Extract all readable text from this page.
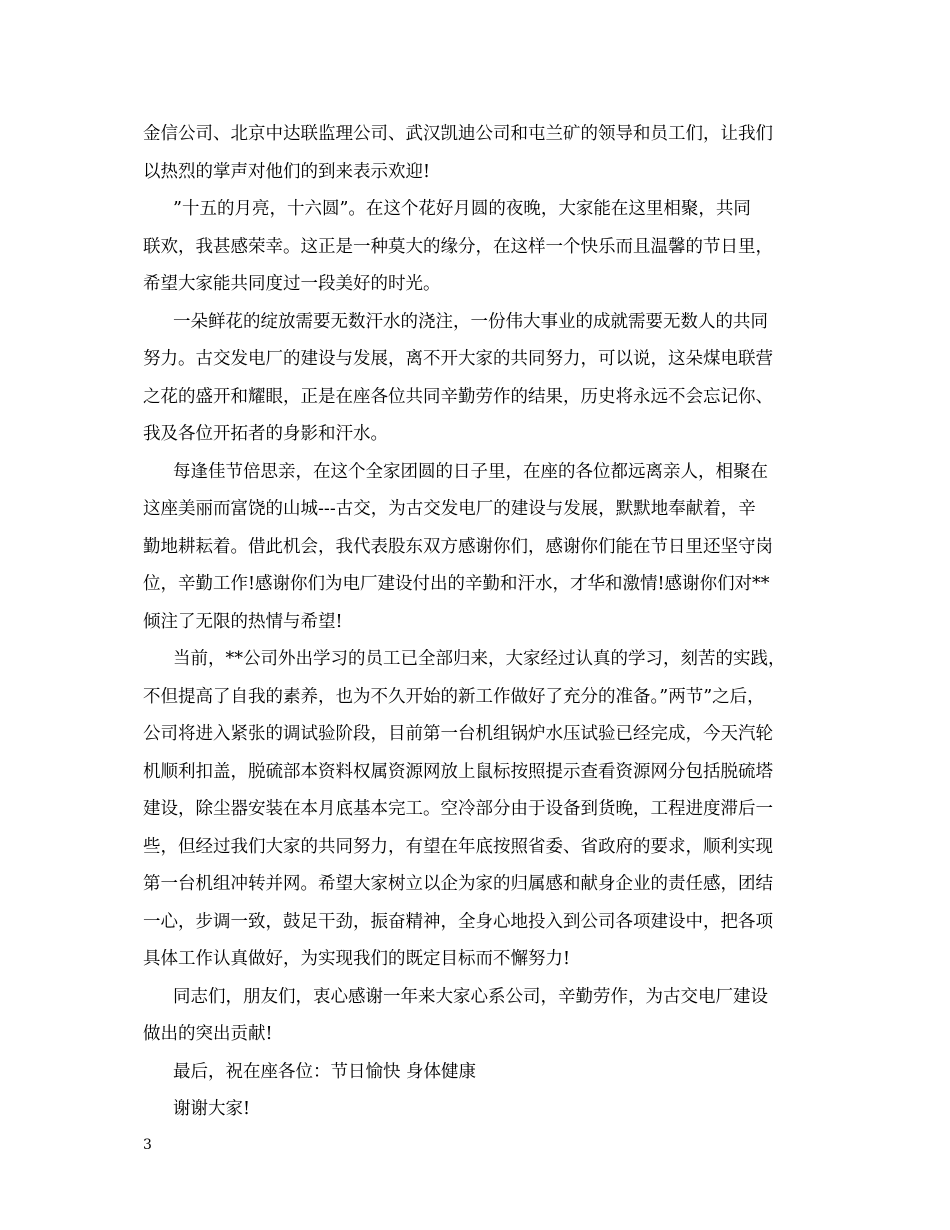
金信公司、北京中达联监理公司、武汉凯迪公司和屯兰矿的领导和员工们，让我们
以热烈的掌声对他们的到来表示欢迎!
”十五的月亮，十六圆”。在这个花好月圆的夜晚，大家能在这里相聚，共同
联欢，我甚感荣幸。这正是一种莫大的缘分，在这样一个快乐而且温馨的节日里，
希望大家能共同度过一段美好的时光。
一朵鲜花的绽放需要无数汗水的浇注，一份伟大事业的成就需要无数人的共同
努力。古交发电厂的建设与发展，离不开大家的共同努力，可以说，这朵煤电联营
之花的盛开和耀眼，正是在座各位共同辛勤劳作的结果，历史将永远不会忘记你、
我及各位开拓者的身影和汗水。
每逢佳节倍思亲，在这个全家团圆的日子里，在座的各位都远离亲人，相聚在
这座美丽而富饶的山城---古交，为古交发电厂的建设与发展，默默地奉献着，辛
勤地耕耘着。借此机会，我代表股东双方感谢你们，感谢你们能在节日里还坚守岗
位，辛勤工作!感谢你们为电厂建设付出的辛勤和汗水，才华和激情!感谢你们对**
倾注了无限的热情与希望!
当前，**公司外出学习的员工已全部归来，大家经过认真的学习，刻苦的实践，
不但提高了自我的素养，也为不久开始的新工作做好了充分的准备。”两节”之后，
公司将进入紧张的调试验阶段，目前第一台机组锅炉水压试验已经完成，今天汽轮
机顺利扣盖，脱硫部本资料权属资源网放上鼠标按照提示查看资源网分包括脱硫塔
建设，除尘器安装在本月底基本完工。空冷部分由于设备到货晚，工程进度滞后一
些，但经过我们大家的共同努力，有望在年底按照省委、省政府的要求，顺利实现
第一台机组冲转并网。希望大家树立以企为家的归属感和献身企业的责任感，团结
一心，步调一致，鼓足干劲，振奋精神，全身心地投入到公司各项建设中，把各项
具体工作认真做好，为实现我们的既定目标而不懈努力!
同志们，朋友们，衷心感谢一年来大家心系公司，辛勤劳作，为古交电厂建设
做出的突出贡献!
最后，祝在座各位：节日愉快 身体健康
谢谢大家!
3
